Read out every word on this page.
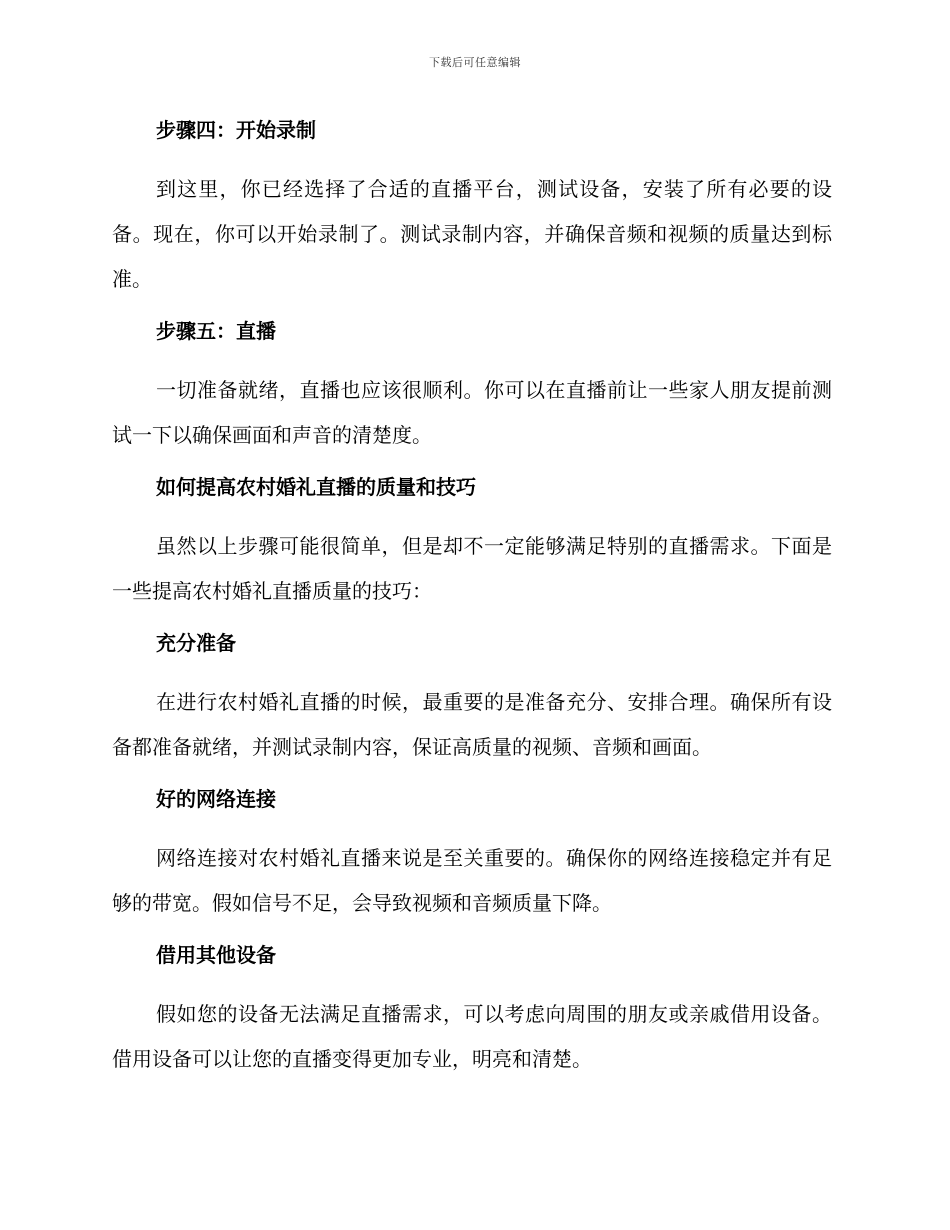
下载后可任意编辑
步骤四：开始录制
到这里，你已经选择了合适的直播平台，测试设备，安装了所有必要的设备。现在，你可以开始录制了。测试录制内容，并确保音频和视频的质量达到标准。
步骤五：直播
一切准备就绪，直播也应该很顺利。你可以在直播前让一些家人朋友提前测试一下以确保画面和声音的清楚度。
如何提高农村婚礼直播的质量和技巧
虽然以上步骤可能很简单，但是却不一定能够满足特别的直播需求。下面是一些提高农村婚礼直播质量的技巧：
充分准备
在进行农村婚礼直播的时候，最重要的是准备充分、安排合理。确保所有设备都准备就绪，并测试录制内容，保证高质量的视频、音频和画面。
好的网络连接
网络连接对农村婚礼直播来说是至关重要的。确保你的网络连接稳定并有足够的带宽。假如信号不足，会导致视频和音频质量下降。
借用其他设备
假如您的设备无法满足直播需求，可以考虑向周围的朋友或亲戚借用设备。借用设备可以让您的直播变得更加专业，明亮和清楚。
